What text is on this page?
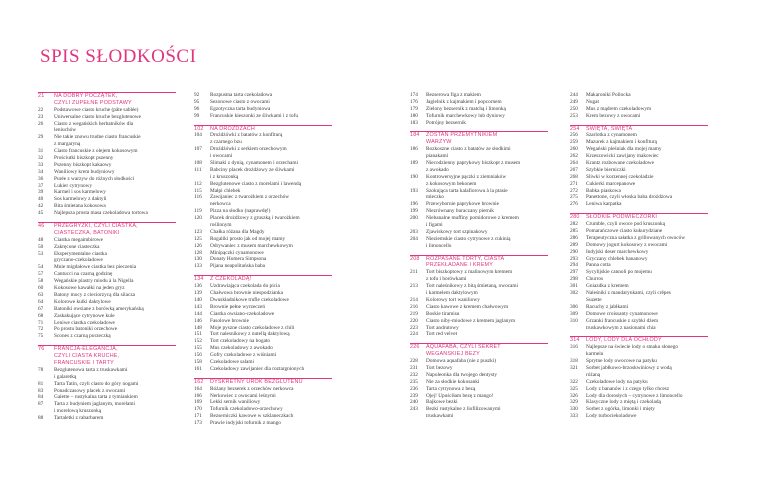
SPIS SŁODKOŚCI
21	NA DOBRY POCZĄTEK,
CZYLI ZUPEŁNE PODSTAWY
22	Podstawowe ciasto kruche (pâte sablée)
23	Uniwersalne ciasto kruche bezglutenowe
26	Ciasto z wegańskich herbatników dla
leniuchów
29	Nie takie znowu trudne ciasto francuskie
z margaryną
31	Ciasto francuskie z olejem kokosowym
32	Prościutki biszkopt pszenny
33	Pszenny biszkopt kakaowy
34	Waniliowy krem budyniowy
36	Purée z warzyw do różnych słodkości
37	Lukier cytrynowy
39	Karmel i sos karmelowy
40	Sos karmelowy z daktyli
42	Bita śmietana kokosowa
45	Najlepsza prosta masa czekoladowa tortowa
46	PRZEGRYZKI, CZYLI CIASTKA,
CIASTECZKA, BATONIKI
48	Ciastka megaimbirowe
50	Zakręcone ciasteczka
53	Eksperymentalne ciastka
gryczano-czekoladowe
54	Mnie migdałowe ciastka bez pieczenia
57	Cantucci na czarną godzinę
58	Wegańskie plastry miodu à la Nigella
60	Kokosowe kawałki na jeden gryz
63	Batony mocy z cieciorzycą dla silacza
64	Kolorowe kulki daktylowe
67	Batoniki owsiane z borówką amerykańską
68	Zaskakujące cytrynowe kule
71	Leniwe ciastka czekoladowe
72	Po prostu batoniki orzechowe
75	Scones z czarną porzeczką
76	FRANCJA-ELEGANCJA,
CZYLI CIASTA KRUCHE,
FRANCUSKIE I TARTY
78	Bezglutenowa tarta z truskawkami
i galaretką
81	Tarta Tatin, czyli ciasto do góry nogami
83	Ponadczasowy placek z owocami
84	Galette – rustykalna tarta z tymiankiem
87	Tarta z budyniem jaglanym, morelami
i morelową kruszonką
88	Tartaletki z rabarbarem
92	Rozpustna tarta czekoladowa
95	Sezonowe ciasto z owocami
96	Egzotyczna tarta budyniowa
99	Francuskie kieszonki ze śliwkami i z tofu
102	NA DROŻDŻACH
104	Drożdżówki z batatów z konfiturą
z czarnego bzu
107	Drożdżówki z serkiem orzechowym
i owocami
108	Ślimaki z dynią, cynamonem i orzechami
111	Babciny placek drożdżowy ze śliwkami
i z kruszonką
112	Bezglutenowe ciasto z morelami i lawendą
115	Małpi chlebek
116	Zawijaniec z twarożkiem z orzechów
nerkowca
119	Pizza na słodko (naprawdę!)
120	Placek drożdżowy z gruszką i twarożkiem
roślinnym
123	Chałka różana dla Magdy
125	Rogaliki prosto jak od mojej mamy
126	Odrywaniec z musem marchewkowym
128	Minipączki cynamonowe
130	Donaty Homera Simpsona
133	Pijana neapolitańska baba
134	Z CZEKOLADĄ!
136	Uzdrawiająca czekolada do picia
139	Chałwowa brownie niespodzianka
140	Dwuskładnikowe trufle czekoladowe
143	Brownie pełne wyrzeczeń
144	Ciastka owsiano-czekoladowe
146	Fasolowe brownie
148	Moje pyszne ciasto czekoladowe z chili
151	Tort nalesnikowy z nutellą daktylową
152	Tort czekoladowy na bogato
155	Mus czekoladowy z awokado
156	Gofry czekoladowe z wiśniami
158	Czekoladowe salami
161	Czekoladowy zawijaniec dla roztargnionych
162	DYSKRETNY UROK BEZGLUTENU
164	Różany bezserek z orzechów nerkowca
166	Nerkowiec z owocami leśnymi
169	Lekki sernik waniliowy
170	Tofurnik czekoladowo-orzechowy
171	Bezserniczki kawowe w szklaneczkach
173	Prawie indyjski tofurnik z mango
174	Bezserowa figa z makiem
176	Jagielnik z kajmakiem i popcornem
179	Zielony bezsernik z matchą i limonką
180	Tofurnik marchewkowy lub dyniowy
183	Potrójny bezsernik
184	ZOSTAŃ PRZEMYTNIKIEM
WARZYW
186	Rozkoszne ciasto z batatów ze słodkimi
pianakami
189	Niecodzienny paprykowy biszkopt z musem
z awokado
190	Kontrowersyjne pączki z ziemniaków
z kokosowym bekonem
193	Szokująca tarta kalafiorowa à la ptasie
mleczko
196	Przewybornie paprykowe brownie
199	Niezrównany buraczany piernik
200	Niebanalne muffiny pomidorowe z kremem
i figami
203	Zjawiskowy tort szpinakowy
204	Nieziemskie ciasto cytrynowe z cukinią
i limoncello
208	ROZPASANE TORTY, CIASTA
PRZEKŁADANE I KREMY
211	Tort biszkoptowy z malinowym kremem
z tofu i borówkami
213	Tort naleśnikowy z bitą śmietaną, owocami
i karmelem daktylowym
214	Kolorowy tort waniliowy
216	Ciasto kawowe z kremem chałwowym
219	Boskie tiramisu
220	Ciasto niby-miodowe z kremem jaglanym
223	Tort andrutowy
224	Tort red velvet
226	AQUAFABA, CZYLI SEKRET
WEGAŃSKIEJ BEZY
228	Domowa aquafaba (nie z puszki)
231	Tort bezowy
232	Napoleonka dla twojego dentysty
235	Nie za słodkie kokosanki
236	Tarta cytrynowa z bezą
239	Ojej! Upuściłam bezę z mango!
240	Bajkowe bezki
243	Bezki rustykalne z liofilizowanymi
truskawkami
244	Makaroniki Pollocka
249	Nugat
250	Mus z mądrem czekoladowym
253	Krem bezowy z owocami
254	ŚWIĘTA, ŚWIĘTA
256	Szarlotka z cynamonem
259	Mazurek z kajmakiem i konfiturą
260	Wegański pleśniak dla mojej mamy
262	Krzeszowicki zawijany makowiec
264	Krantz rozbowane czekoladowe
267	Szybkie bierniczki
268	Śliwki w korzennej czekoladzie
271	Cukierki marcepanowe
272	Babka piaskowa
275	Panettone, czyli włoska baba drożdżowa
276	Leniwa karpatka
280	SŁODKIE PODWIECZORKI
282	Crumble, czyli owoce pod kruszonką
285	Pomarańczowe ciasto kukurydziane
286	Terapeutyczna sałatka z grillowanych owoców
289	Domowy jogurt kokosowy z owocami
290	Indyjski deser marchewkowy
293	Gryczany chlebek bananowy
294	Panna cotta
297	Sycylijskie cannoli po mojemu
298	Churros
301	Gniazdka z kremem
302	Naleśniki z mandarynkami, czyli crêpes
Suzette
306	Racuchy z jabłkami
309	Domowe croissanty cynamonowe
310	Grzanki francuskie z szybki dżem
truskawkowym z nasionami chia
314	LODY, LODY DLA OCHŁODY
316	Najlepsze na świecie lody o smaku słonego
karmelu
318	Sprytne lody owocowe na patyku
321	Sorbet jabłkowo-brzoskwiniowy z wodą
różaną
322	Czekoladowe lody na patyku
325	Lody z bananów i z czego tylko chcesz
326	Lody dla dorosłych – cytrynowe z limoncello
329	Klasyczne lody z miętą i czekoladą
330	Sorbet z ogórka, limonki i mięty
333	Lody turbociekoladowe
